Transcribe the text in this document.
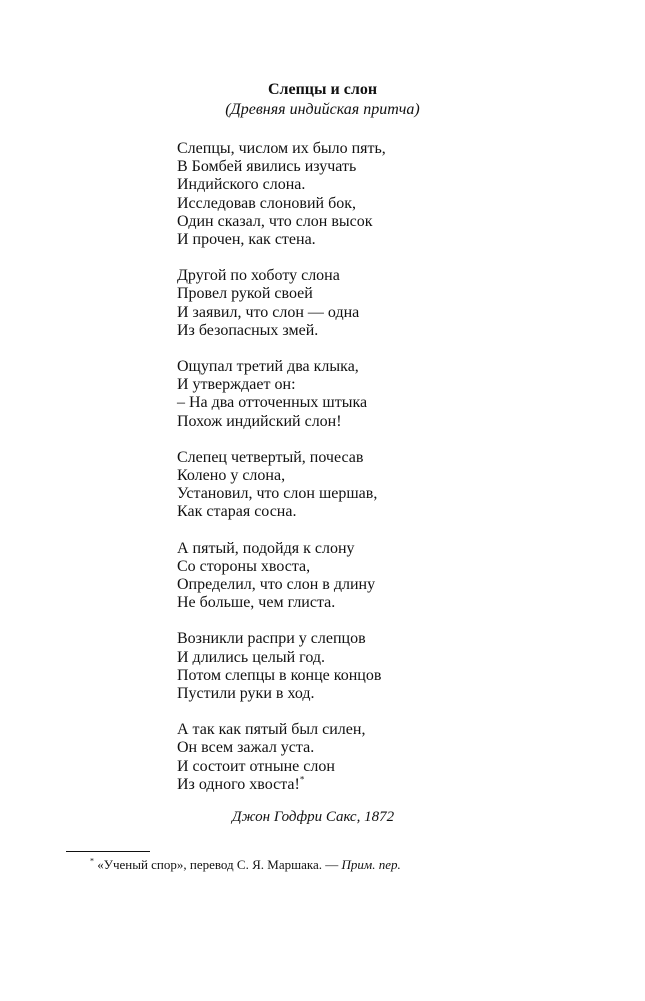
Слепцы и слон
(Древняя индийская притча)
Слепцы, числом их было пять,
В Бомбей явились изучать
Индийского слона.
Исследовав слоновий бок,
Один сказал, что слон высок
И прочен, как стена.
Другой по хоботу слона
Провел рукой своей
И заявил, что слон — одна
Из безопасных змей.
Ощупал третий два клыка,
И утверждает он:
– На два отточенных штыка
Похож индийский слон!
Слепец четвертый, почесав
Колено у слона,
Установил, что слон шершав,
Как старая сосна.
А пятый, подойдя к слону
Со стороны хвоста,
Определил, что слон в длину
Не больше, чем глиста.
Возникли распри у слепцов
И длились целый год.
Потом слепцы в конце концов
Пустили руки в ход.
А так как пятый был силен,
Он всем зажал уста.
И состоит отныне слон
Из одного хвоста!*
Джон Годфри Сакс, 1872
* «Ученый спор», перевод С. Я. Маршака. — Прим. пер.
